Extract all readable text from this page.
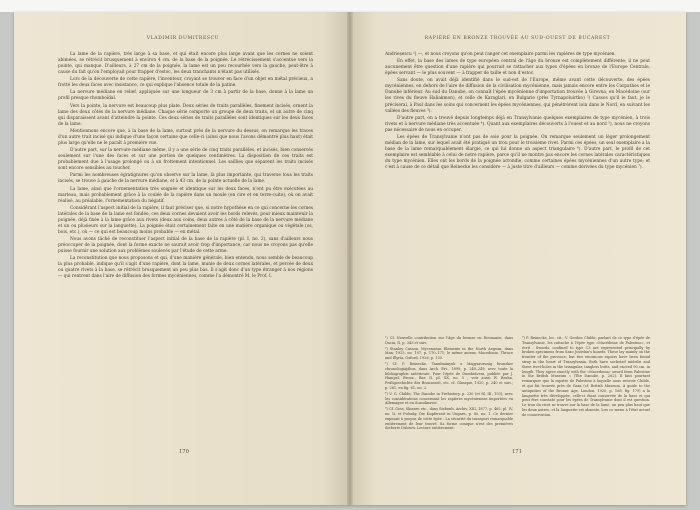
VLADIMIR DUMITRESCU

La lame de la rapière, très large à sa base, et qui était encore plus large avant que les cornes ne soient abimées, se rétrécit brusquement à environ 4 cm. de la base de la poignée. Le rétrécissement s'accentue vers la pointe, qui manque. D'ailleurs, à 27 cm de la poignée, la lame est un peu recourbée vers la gauche, peut-être à cause du fait qu'on l'employait pour frapper d'estoc, les deux tranchants n'étant pas utilisés.

Lors de la découverte de cette rapière, l'inventeur, croyant se trouver en face d'un objet en métal précieux, a frotté les deux faces avec insistance, ce qui explique l'absence totale de la patine.

La nervure médiane en relief, appliquée sur une longueur de 3 cm à partir de la base, donne à la lame un profil presque rhomboïdal.

Vers la pointe, la nervure est beaucoup plus plate. Deux séries de traits parallèles, finement incisés, ornent la lame des deux côtés de la nervure médiane. Chaque série comporte un groupe de deux traits, et un autre de cinq qui disparaissent avant d'atteindre la pointe. Ces deux séries de traits parallèles sont identiques sur les deux faces de la lame.

Mentionnons encore que, à la base de la lame, surtout près de la nervure du dessus, on remarque les traces d'un autre trait incisé qui indique d'une façon certaine que celle-ci (ainsi que nous l'avons démontré plus haut) était plus large qu'elle ne le paraît à première vue.

D'autre part, sur la nervure médiane même, il y a une série de cinq traits parallèles, et incisés, bien conservés seulement sur l'une des faces et sur une portion de quelques centimètres. La disposition de ces traits est probablement due à l'usage prolongé ou à un frottement intentionnel. Les saillies que séparent les traits incisés sont encore sensibles au toucher.

Parmi les nombreuses égratignures qu'on observe sur la lame, là plus importante, qui traverse tous les traits incisés, se trouve à gauche de la nervure médiane, et à 43 cm. de la pointe actuelle de la lame.

La lame, ainsi que l'ornementation très soignée et identique sur les deux faces, n'ont pu être exécutées au marteau, mais probablement grâce à la coulée de la rapière dans un moule (en cire et en terre-cuite), où on avait réalisé, au préalable, l'ornementation du négatif.

Considérant l'aspect initial de la rapière, il faut préciser que, si notre hypothèse en ce qui concerne les cornes latérales de la base de la lame est fondée, ces deux cornes devaient avoir les bords relevés, pour mieux maintenir la poignée, déjà fixée à la lame grâce aux rivets (deux aux coins, deux autres à côté de la base de la nervure médiane et un ou plusieurs sur la languette). La poignée était certainement faite en une matière organique ou végétale (os, bois, etc.), où — ce qui est beaucoup moins probable — en métal.

Nous avons tâché de reconstituer l'aspect initial de la base de la rapière (pl. I, no. 2), sans d'ailleurs nous préoccuper de la poignée, dont la forme exacte ne saurait avoir trop d'importance, car nous ne croyons pas qu'elle puisse fournir une solution aux problèmes soulevés par l'étude de cette arme.

La reconstitution que nous proposons et qui, d'une manière générale, bien entendu, nous semble de beaucoup la plus probable, indique qu'il s'agit d'une rapière, dont la lame, munie de deux cornes latérales, et percée de deux ou quatre rivets à la base, se rétrécit brusquement un peu plus bas. Il s'agit donc d'un type étranger à nos régions — qui rentrent dans l'aire de diffusion des formes mycéniennes, comme l'a démontré M. le Prof. I.

170
RAPIÈRE EN BRONZE TROUVÉE AU SUD-OUEST DE BUCAREST

Andrieșescu ¹) —, et nous croyons qu'on peut ranger cet exemplaire parmi les rapières de type mycénien.

En effet, la base des lames de type européen central de l'âge du bronze est complètement différente; il ne peut aucunement être question d'une rapière qui pourrait se rattacher aux types d'épées en bronze de l'Europe Centrale, épées servant — le plus souvent — à frapper de taille et non d'estoc.

Sans doute, on avait déjà identifié dans le sud-est de l'Europe, même avant cette découverte, des épées mycéniennes, en dehors de l'aire de diffusion de la civilisation mycénienne, mais jamais encore entre les Carpathes et le Danube inférieur. Au sud du Danube, on connaît l'épée mycénienne d'importation trouvée à Girevna, en Macédoine (sur les rives du fleuve Haliakmon), et celle de Karaglari, en Bulgarie (près Tyrnapoluirtko) ²) Cassos qu'il le faut, je le préciserai, à Paul dans les soins qui concernent les épées mycéniennes, qui pénétrèrent loin dans le Nord, en suivant les vallées des fleuves ³).

D'autre part, on a trouvé depuis longtemps déjà en Transylvanie quelques exemplaires de type mycénien, à trois rivets et à nervure médiane très accentuée ⁴). Quant aux exemplaires découverts à l'ouest et au nord ⁵), nous ne croyons pas nécessaire de nous en occuper.

Les épées de Transylvanie n'ont pas de soie pour la poignée. On remarque seulement un léger prolongement médian de la lame, sur lequel avait été pratiqué un trou pour le troisième rivet. Parmi ces épées, un seul exemplaire a la base de la lame remarquablement élargie, ce qui lui donne un aspect triangulaire ⁶). D'autre part, le profil de cet exemplaire est semblable à celui de notre rapière, parce qu'il ne montre pas encore les cornes latérales caractéristiques du type mycénien. Elles ont les bords de la poignée arrondie, comme certaines épées mycéniennes d'un autre type; et c'est à cause de ce détail que Reinecke les considère — à juste titre d'ailleurs — comme dérivées du type mycénien ⁷).

¹) Cf. Nouvelle contribution sur l'âge du bronze en Roumanie, dans Dacia, II, p. 343 et suiv.

²) Stanley Casson, Mycenaean Elements in the North Aegean, dans Man, 1925, no. 107, p. 170–171; le même auteur, Macedonia, Thrace and Illyria, Oxford, 1926, p. 135.

³) Cf. P. Reinecke, Tanulmányok a Magyarország bronzkor chronologiájához, dans Arch. Ert., 1899, p. 240–249; avec toute la bibliographie antérieure. Pour l'épée de Dumbrăveni, publiée par J. Hampel, Bronz., Bar. II, pl. XX, no. 5 ; voir aussi W. Bruhn, Frühgeschichte des Bronzezeit, etc. cf. Glasspie, 1920, p. 240 et suiv.; p. 261, en fig. 61, no. 2.

⁴) V. G. Childe, The Danube in Prehistory, p. 230 (et fil, III, 193); avec les considérations concernant les rapières mycéniennes importées en Allemagne et en Scandinavie.

⁵) Cf. Goss, Skizzen etc., dans Siebenb. Archiv, XIII, 1877, p. 465, pl. IV, no. II, et Pulszky, Die Kupferzeit in Ungarn, p. 80, no. 1. Ce dernier exposait à propos de cette épée : La sécurité du transport remarquable entièrement de leur trouvé. Sa forme conique n'est des premières Sieberte Dubrow. Lecture entièrement.

⁶) P. Reinecke, loc. cit.; V. Gordon Childe, parlant de ce type d'épée de Transylvanie, les rattache à l'épée type «Macédoine de Palestine», et écrit : Swords, confined to type C3 are represented principally by broken specimens from Saxo Jouvdan's hoards. These lay mainly on the frontier of the province; but two enormous rapiers have been found stray in the heart of Transylvania. Both have socketed midribs and three rivet-holes in the triangular, tangless butts, and exceed 90 cm. in length. They agree exactly with the «Macedonia» sword from Palestine in the British Museum » (The Danube, p. 262). Il faut pourtant remarquer que la rapière de Palestine à laquelle nous renvoie Childe, et qui fut trouvée près de Gaza (cf. British Museum, A guide to the antiquities of the Bronze Age, London, 1920, p. 168, fig. 179) a la languette très développée, celle-ci étant conservée de la base et qui peut être constaté pour les épées de Transylvanie dont il est question. Le trou du rivet se trouve sur la base de la lame, un peu plus haut que les deux autres, et la languette est absente, lors ce menu à l'état actuel de conservation.

171
